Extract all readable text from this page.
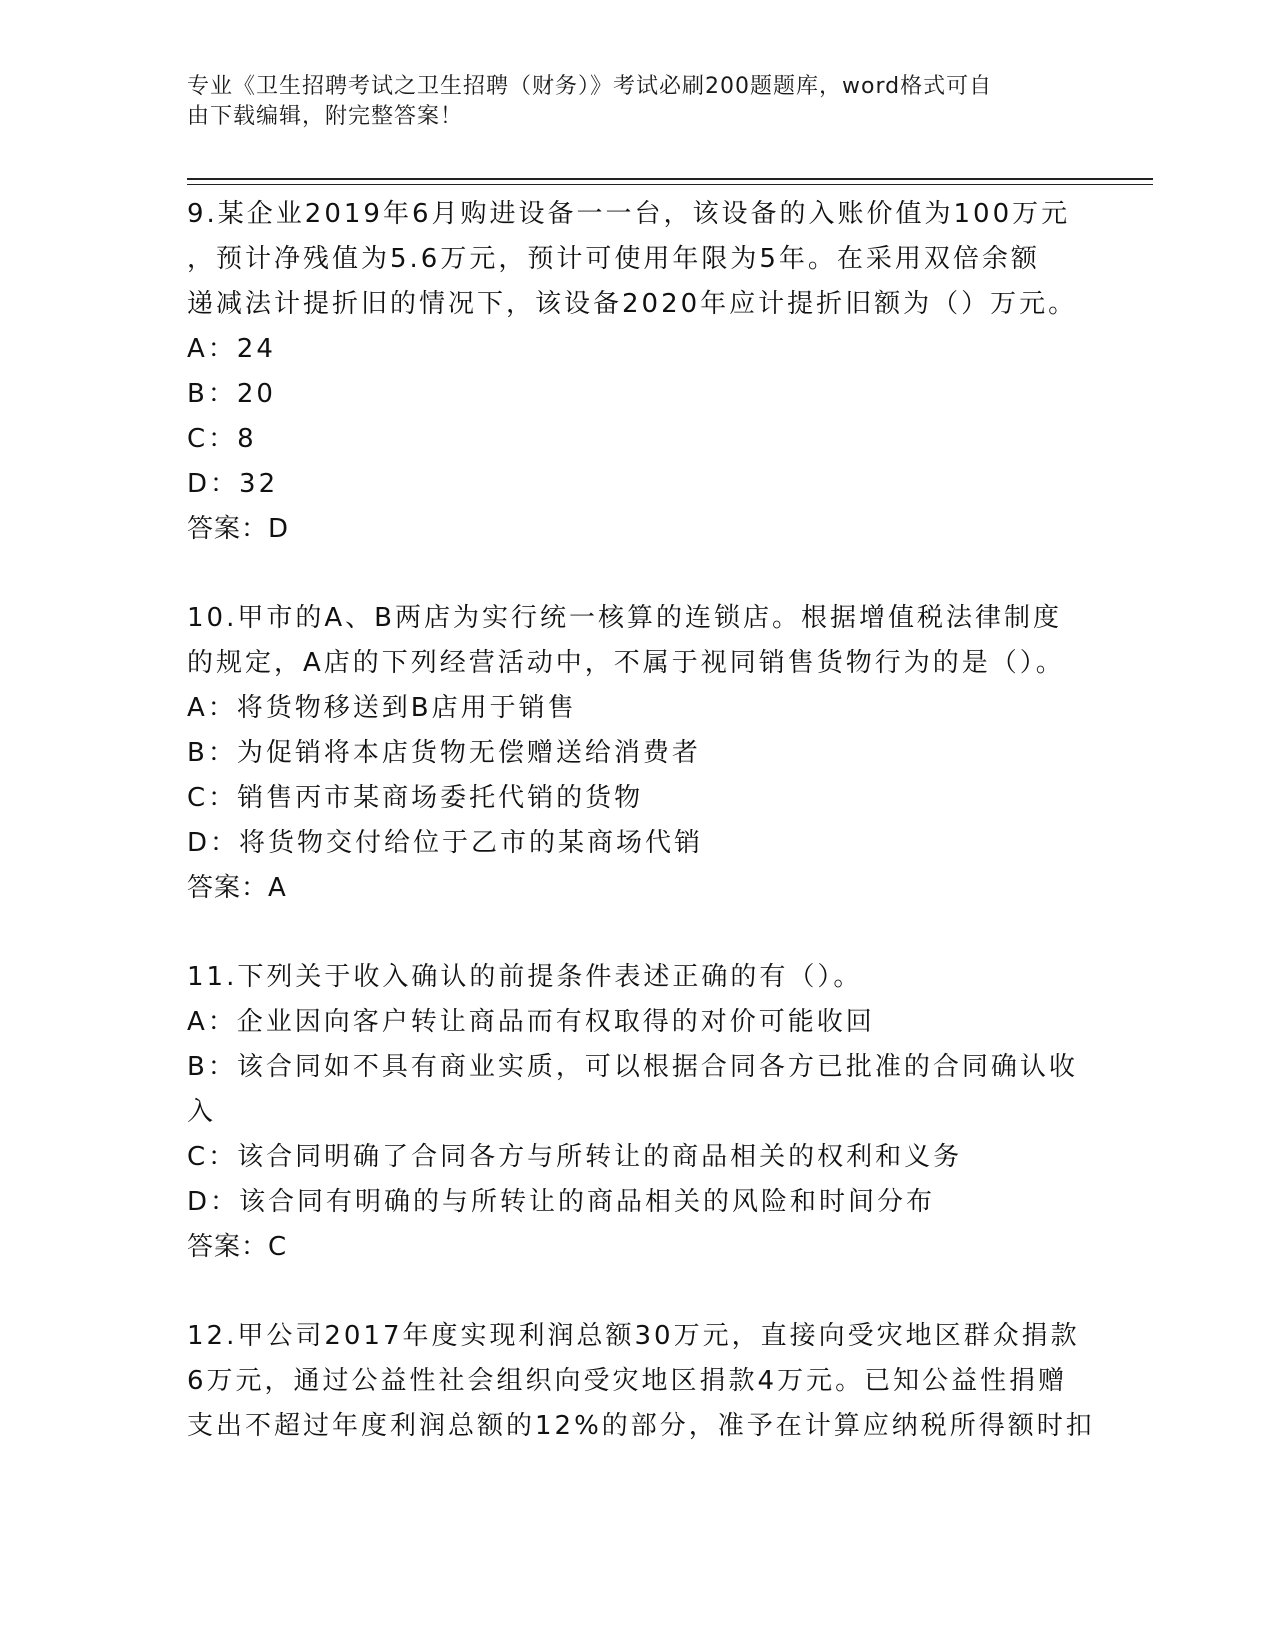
专业《卫生招聘考试之卫生招聘（财务）》考试必刷200题题库，word格式可自
由下载编辑，附完整答案！
9.某企业2019年6月购进设备一一台，该设备的入账价值为100万元
，预计净残值为5.6万元，预计可使用年限为5年。在采用双倍余额
递减法计提折旧的情况下，该设备2020年应计提折旧额为（）万元。
A：24
B：20
C：8
D：32
答案：D
10.甲市的A、B两店为实行统一核算的连锁店。根据增值税法律制度
的规定，A店的下列经营活动中，不属于视同销售货物行为的是（）。
A：将货物移送到B店用于销售
B：为促销将本店货物无偿赠送给消费者
C：销售丙市某商场委托代销的货物
D：将货物交付给位于乙市的某商场代销
答案：A
11.下列关于收入确认的前提条件表述正确的有（）。
A：企业因向客户转让商品而有权取得的对价可能收回
B：该合同如不具有商业实质，可以根据合同各方已批准的合同确认收
入
C：该合同明确了合同各方与所转让的商品相关的权利和义务
D：该合同有明确的与所转让的商品相关的风险和时间分布
答案：C
12.甲公司2017年度实现利润总额30万元，直接向受灾地区群众捐款
6万元，通过公益性社会组织向受灾地区捐款4万元。已知公益性捐赠
支出不超过年度利润总额的12%的部分，准予在计算应纳税所得额时扣
